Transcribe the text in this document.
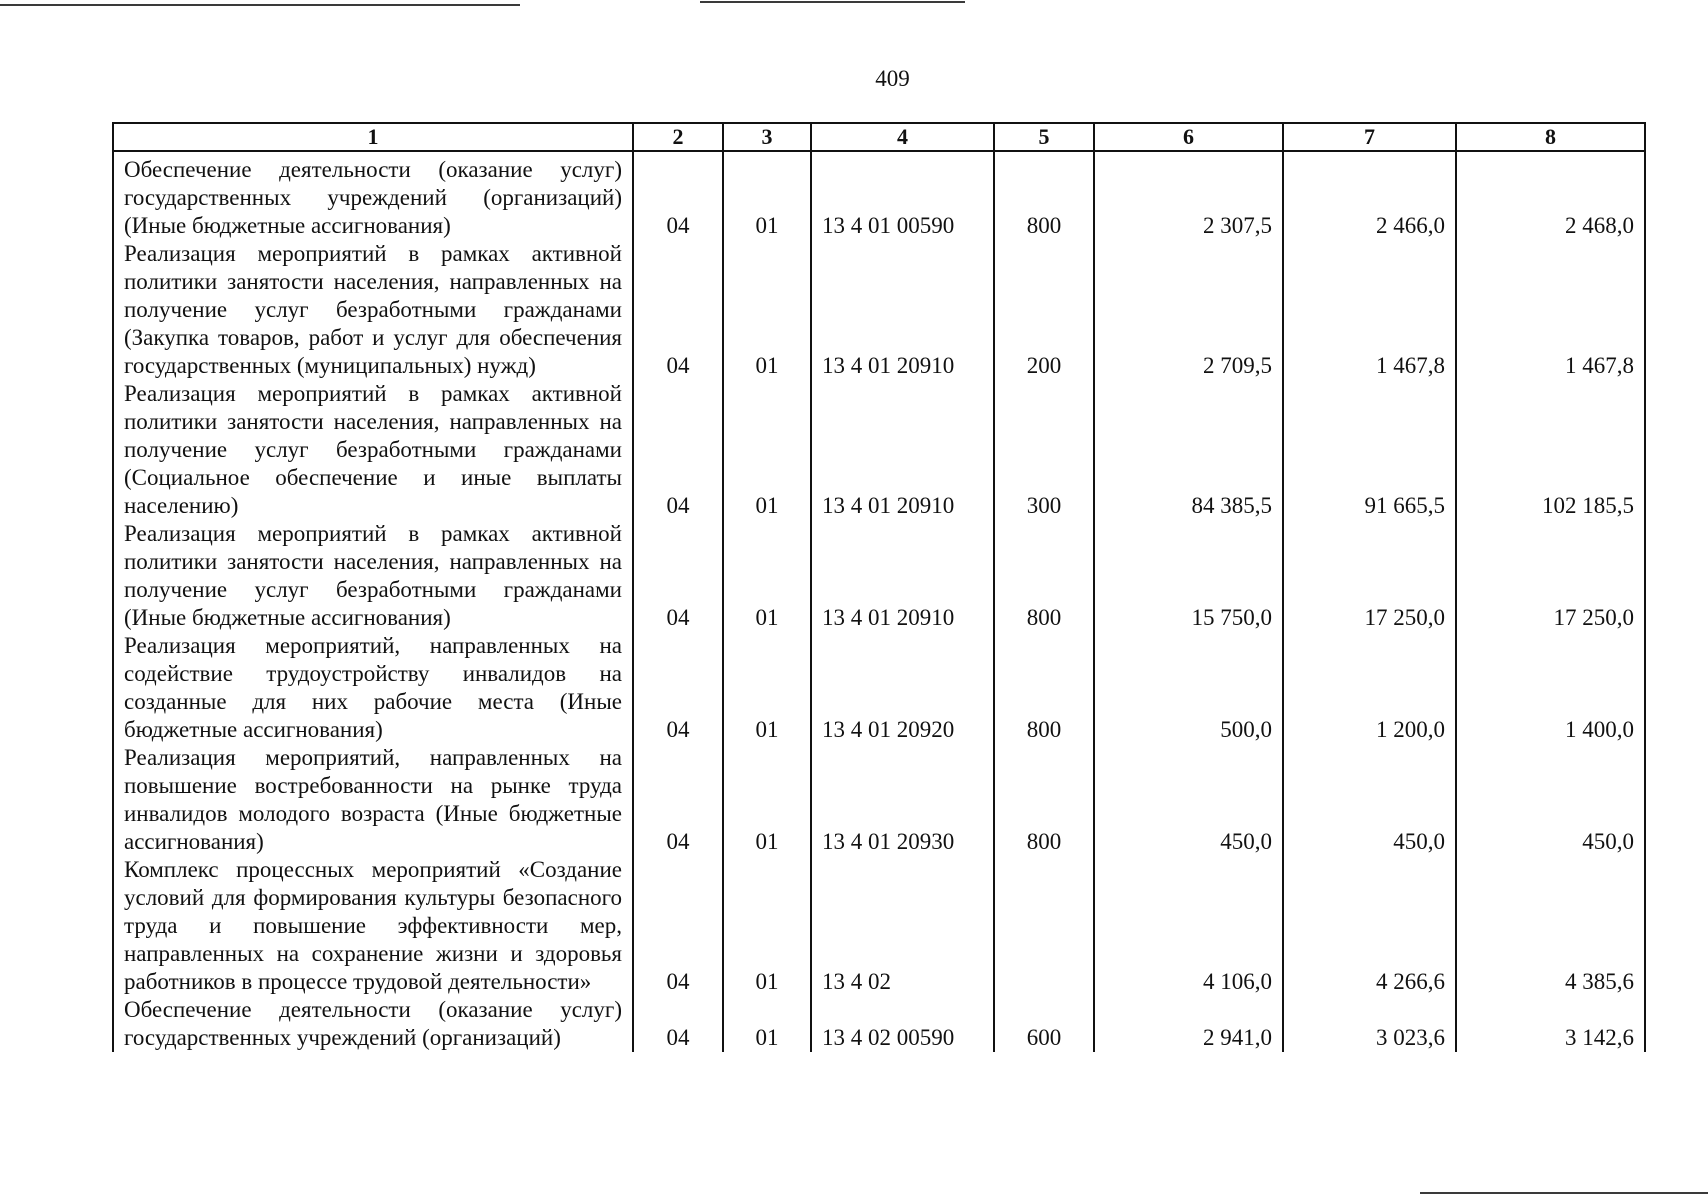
409
1	2	3	4	5	6	7	8
Обеспечение деятельности (оказание услуг) государственных учреждений (организаций) (Иные бюджетные ассигнования)	04	01	13 4 01 00590	800	2 307,5	2 466,0	2 468,0
Реализация мероприятий в рамках активной политики занятости населения, направленных на получение услуг безработными гражданами (Закупка товаров, работ и услуг для обеспечения государственных (муниципальных) нужд)	04	01	13 4 01 20910	200	2 709,5	1 467,8	1 467,8
Реализация мероприятий в рамках активной политики занятости населения, направленных на получение услуг безработными гражданами (Социальное обеспечение и иные выплаты населению)	04	01	13 4 01 20910	300	84 385,5	91 665,5	102 185,5
Реализация мероприятий в рамках активной политики занятости населения, направленных на получение услуг безработными гражданами (Иные бюджетные ассигнования)	04	01	13 4 01 20910	800	15 750,0	17 250,0	17 250,0
Реализация мероприятий, направленных на содействие трудоустройству инвалидов на созданные для них рабочие места (Иные бюджетные ассигнования)	04	01	13 4 01 20920	800	500,0	1 200,0	1 400,0
Реализация мероприятий, направленных на повышение востребованности на рынке труда инвалидов молодого возраста (Иные бюджетные ассигнования)	04	01	13 4 01 20930	800	450,0	450,0	450,0
Комплекс процессных мероприятий «Создание условий для формирования культуры безопасного труда и повышение эффективности мер, направленных на сохранение жизни и здоровья работников в процессе трудовой деятельности»	04	01	13 4 02		4 106,0	4 266,6	4 385,6
Обеспечение деятельности (оказание услуг) государственных учреждений (организаций)	04	01	13 4 02 00590	600	2 941,0	3 023,6	3 142,6
